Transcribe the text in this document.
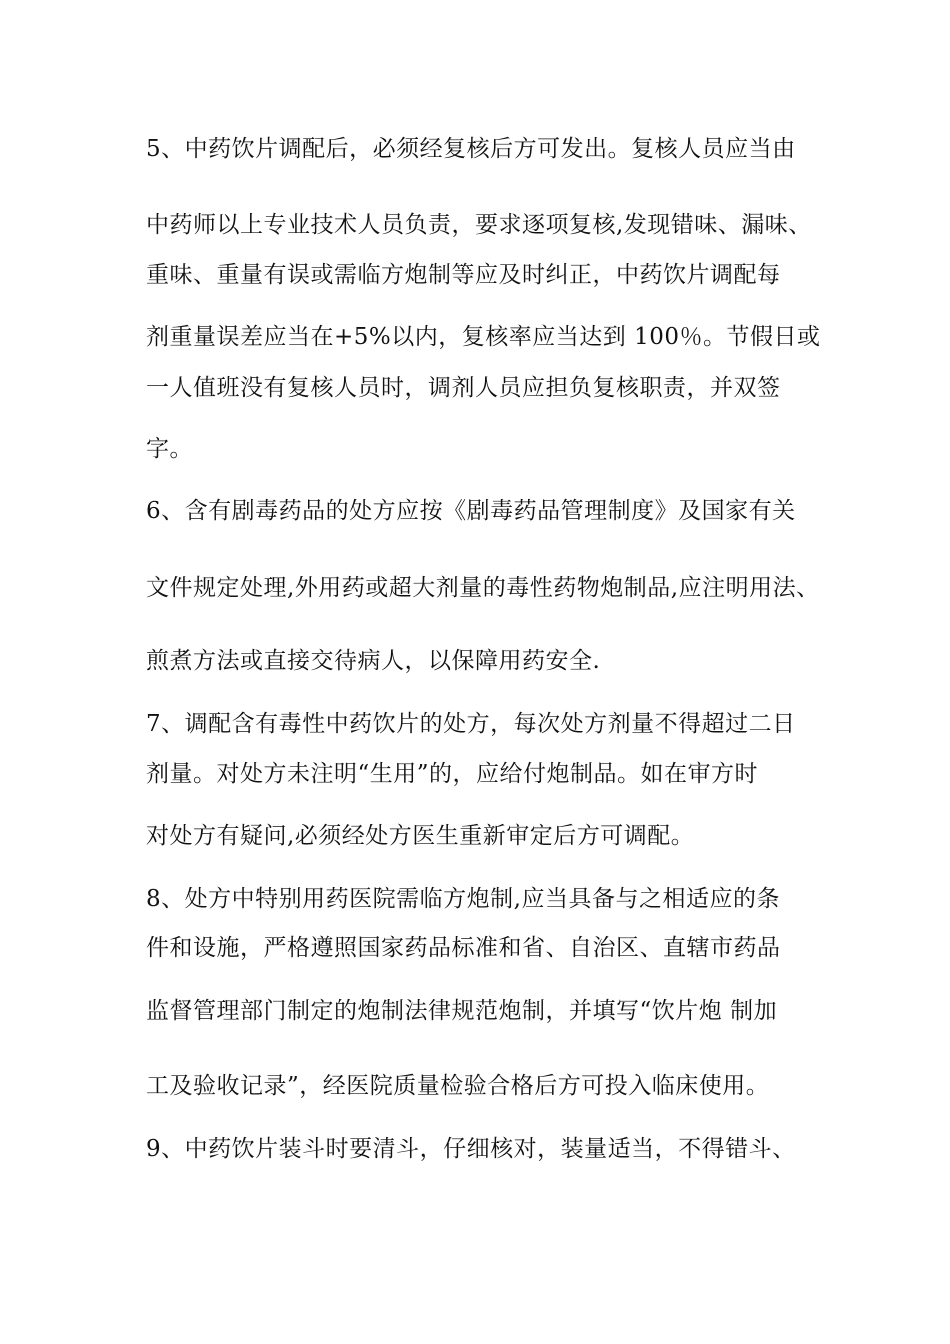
5、中药饮片调配后，必须经复核后方可发出。复核人员应当由
中药师以上专业技术人员负责，要求逐项复核,发现错味、漏味、
重味、重量有误或需临方炮制等应及时纠正，中药饮片调配每
剂重量误差应当在+5%以内，复核率应当达到 100％。节假日或
一人值班没有复核人员时，调剂人员应担负复核职责，并双签
字。
6、含有剧毒药品的处方应按《剧毒药品管理制度》及国家有关
文件规定处理,外用药或超大剂量的毒性药物炮制品,应注明用法、
煎煮方法或直接交待病人，以保障用药安全.
7、调配含有毒性中药饮片的处方，每次处方剂量不得超过二日
剂量。对处方未注明“生用”的，应给付炮制品。如在审方时
对处方有疑问,必须经处方医生重新审定后方可调配。
8、处方中特别用药医院需临方炮制,应当具备与之相适应的条
件和设施，严格遵照国家药品标准和省、自治区、直辖市药品
监督管理部门制定的炮制法律规范炮制，并填写“饮片炮 制加
工及验收记录”，经医院质量检验合格后方可投入临床使用。
9、中药饮片装斗时要清斗，仔细核对，装量适当，不得错斗、
